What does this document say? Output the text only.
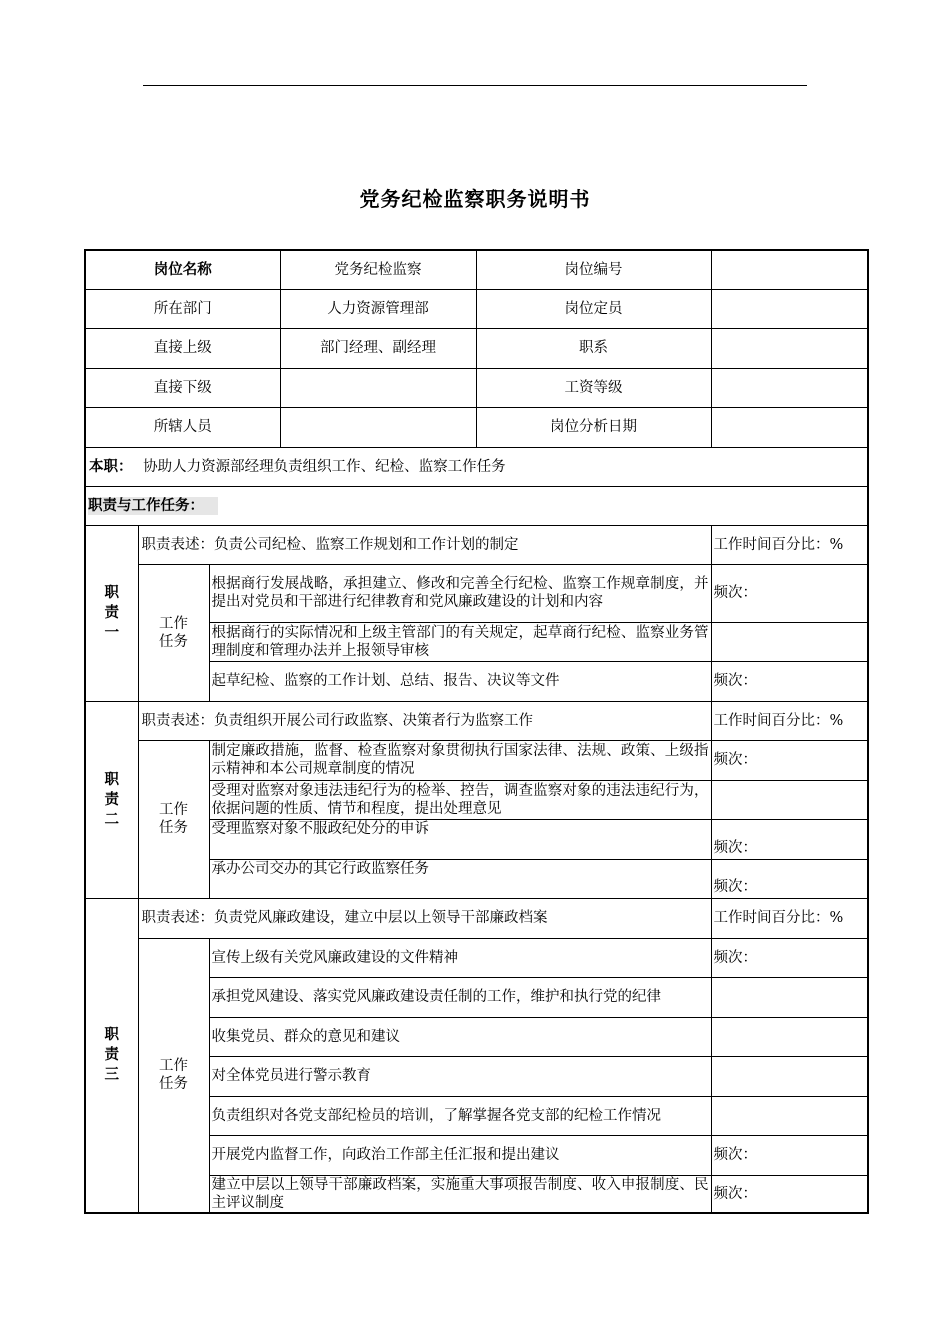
党务纪检监察职务说明书
岗位名称			党务纪检监察	岗位编号	
所在部门			人力资源管理部	岗位定员	
直接上级			部门经理、副经理	职系	
直接下级				工资等级	
所辖人员				岗位分析日期	
本职： 协助人力资源部经理负责组织工作、纪检、监察工作任务					
职责与工作任务：					

职
责
一	职责表述：负责公司纪检、监察工作规划和工作计划的制定				工作时间百分比：%
	工作任务	根据商行发展战略，承担建立、修改和完善全行纪检、监察工作规章制度，并提出对党员和干部进行纪律教育和党风廉政建设的计划和内容			频次：
		根据商行的实际情况和上级主管部门的有关规定，起草商行纪检、监察业务管理制度和管理办法并上报领导审核			
		起草纪检、监察的工作计划、总结、报告、决议等文件			频次：

职
责
二	职责表述：负责组织开展公司行政监察、决策者行为监察工作				工作时间百分比：%
	工作任务	制定廉政措施，监督、检查监察对象贯彻执行国家法律、法规、政策、上级指示精神和本公司规章制度的情况			频次：
		受理对监察对象违法违纪行为的检举、控告，调查监察对象的违法违纪行为，依据问题的性质、情节和程度，提出处理意见			
		受理监察对象不服政纪处分的申诉			频次：
		承办公司交办的其它行政监察任务			频次：

职
责
三	职责表述：负责党风廉政建设，建立中层以上领导干部廉政档案				工作时间百分比：%
	工作任务	宣传上级有关党风廉政建设的文件精神			频次：
		承担党风建设、落实党风廉政建设责任制的工作，维护和执行党的纪律			
		收集党员、群众的意见和建议			
		对全体党员进行警示教育			
		负责组织对各党支部纪检员的培训，了解掌握各党支部的纪检工作情况			
		开展党内监督工作，向政治工作部主任汇报和提出建议			频次：
		建立中层以上领导干部廉政档案，实施重大事项报告制度、收入申报制度、民主评议制度			频次：
